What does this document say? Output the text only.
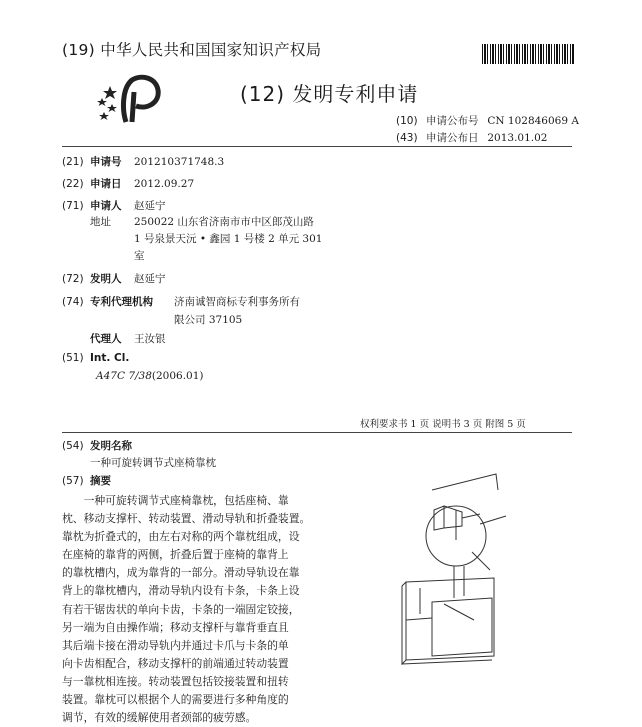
(19) 中华人民共和国国家知识产权局
(12) 发明专利申请
(10) 申请公布号 CN 102846069 A
(43) 申请公布日 2013.01.02
(21) 申请号 201210371748.3
(22) 申请日 2012.09.27
(71) 申请人 赵延宁
地址 250022 山东省济南市市中区郎茂山路
1 号泉景天沅 • 鑫园 1 号楼 2 单元 301
室
(72) 发明人 赵延宁
(74) 专利代理机构 济南诚智商标专利事务所有
限公司 37105
代理人 王汝银
(51) Int. Cl.
A47C 7/38(2006.01)
权利要求书 1 页 说明书 3 页 附图 5 页
(54) 发明名称
一种可旋转调节式座椅靠枕
(57) 摘要

一种可旋转调节式座椅靠枕，包括座椅、靠

枕、移动支撑杆、转动装置、滑动导轨和折叠装置。

靠枕为折叠式的，由左右对称的两个靠枕组成，设

在座椅的靠背的两侧，折叠后置于座椅的靠背上

的靠枕槽内，成为靠背的一部分。滑动导轨设在靠

背上的靠枕槽内，滑动导轨内设有卡条，卡条上设

有若干锯齿状的单向卡齿，卡条的一端固定铰接，

另一端为自由操作端；移动支撑杆与靠背垂直且

其后端卡接在滑动导轨内并通过卡爪与卡条的单

向卡齿相配合，移动支撑杆的前端通过转动装置

与一靠枕相连接。转动装置包括铰接装置和扭转

装置。靠枕可以根据个人的需要进行多种角度的

调节，有效的缓解使用者颈部的疲劳感。
